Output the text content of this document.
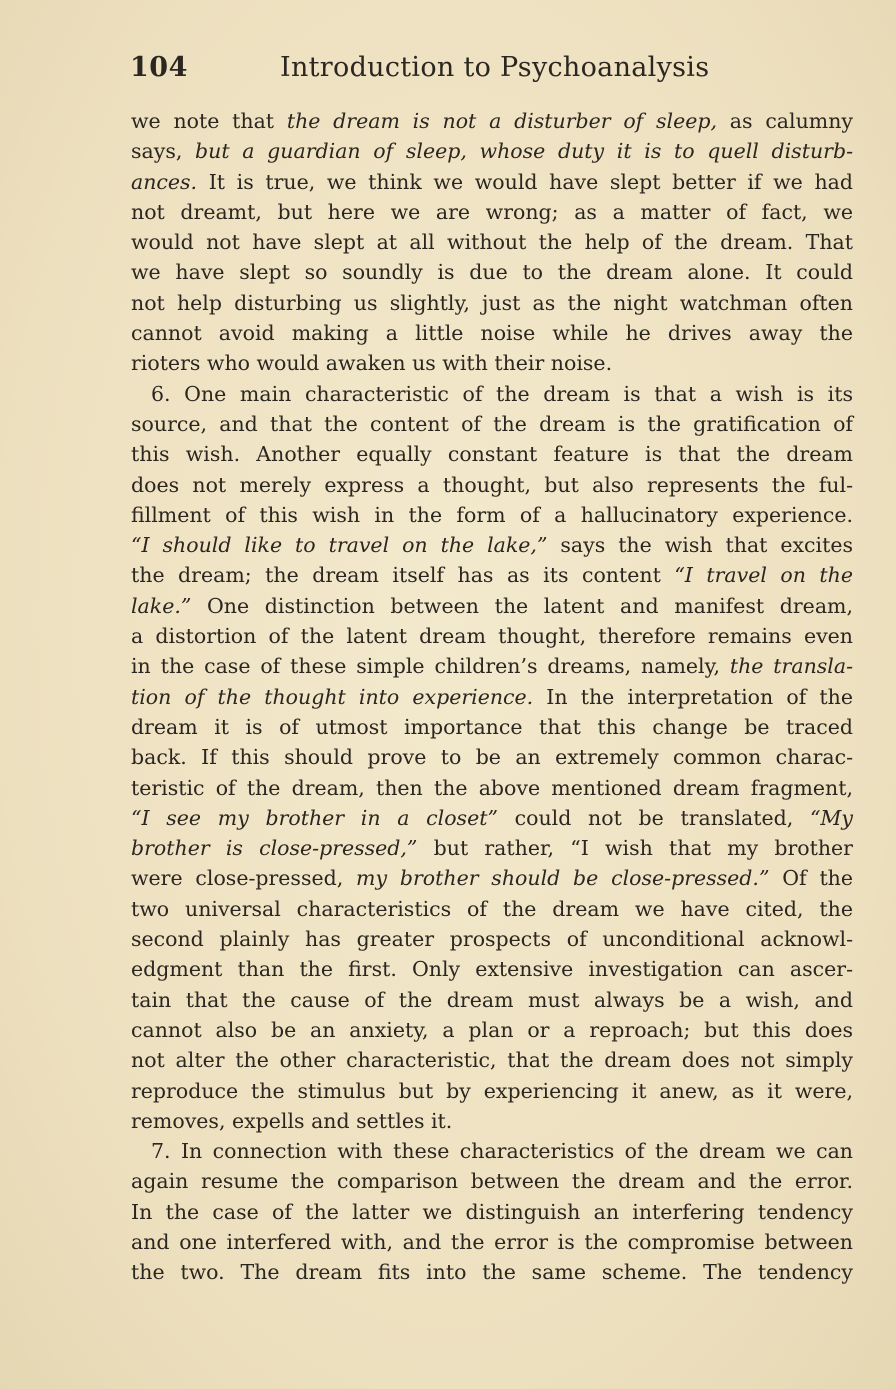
104	Introduction to Psychoanalysis
we note that the dream is not a disturber of sleep, as calumny
says, but a guardian of sleep, whose duty it is to quell disturb-
ances. It is true, we think we would have slept better if we had
not dreamt, but here we are wrong; as a matter of fact, we
would not have slept at all without the help of the dream. That
we have slept so soundly is due to the dream alone. It could
not help disturbing us slightly, just as the night watchman often
cannot avoid making a little noise while he drives away the
rioters who would awaken us with their noise.
6. One main characteristic of the dream is that a wish is its
source, and that the content of the dream is the gratification of
this wish. Another equally constant feature is that the dream
does not merely express a thought, but also represents the ful-
fillment of this wish in the form of a hallucinatory experience.
“I should like to travel on the lake,” says the wish that excites
the dream; the dream itself has as its content “I travel on the
lake.” One distinction between the latent and manifest dream,
a distortion of the latent dream thought, therefore remains even
in the case of these simple children’s dreams, namely, the transla-
tion of the thought into experience. In the interpretation of the
dream it is of utmost importance that this change be traced
back. If this should prove to be an extremely common charac-
teristic of the dream, then the above mentioned dream fragment,
“I see my brother in a closet” could not be translated, “My
brother is close-pressed,” but rather, “I wish that my brother
were close-pressed, my brother should be close-pressed.” Of the
two universal characteristics of the dream we have cited, the
second plainly has greater prospects of unconditional acknowl-
edgment than the first. Only extensive investigation can ascer-
tain that the cause of the dream must always be a wish, and
cannot also be an anxiety, a plan or a reproach; but this does
not alter the other characteristic, that the dream does not simply
reproduce the stimulus but by experiencing it anew, as it were,
removes, expells and settles it.
7. In connection with these characteristics of the dream we can
again resume the comparison between the dream and the error.
In the case of the latter we distinguish an interfering tendency
and one interfered with, and the error is the compromise between
the two. The dream fits into the same scheme. The tendency
